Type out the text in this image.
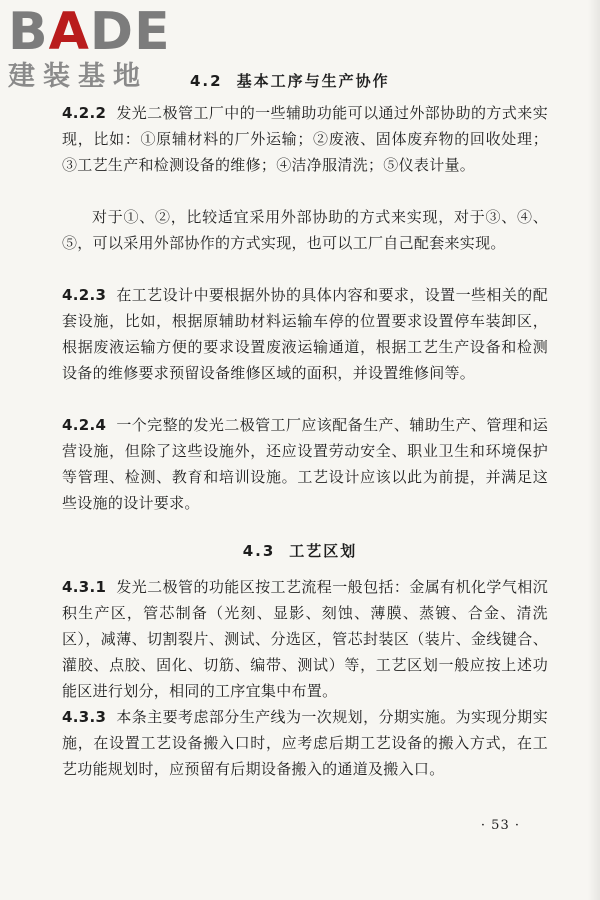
BADE
建装基地	4.2 基本工序与生产协作
4.2.2 发光二极管工厂中的一些辅助功能可以通过外部协助的方式来实现，比如：①原辅材料的厂外运输；②废液、固体废弃物的回收处理；③工艺生产和检测设备的维修；④洁净服清洗；⑤仪表计量。
对于①、②，比较适宜采用外部协助的方式来实现，对于③、④、⑤，可以采用外部协作的方式实现，也可以工厂自己配套来实现。
4.2.3 在工艺设计中要根据外协的具体内容和要求，设置一些相关的配套设施，比如，根据原辅助材料运输车停的位置要求设置停车装卸区，根据废液运输方便的要求设置废液运输通道，根据工艺生产设备和检测设备的维修要求预留设备维修区域的面积，并设置维修间等。
4.2.4 一个完整的发光二极管工厂应该配备生产、辅助生产、管理和运营设施，但除了这些设施外，还应设置劳动安全、职业卫生和环境保护等管理、检测、教育和培训设施。工艺设计应该以此为前提，并满足这些设施的设计要求。
4.3 工艺区划
4.3.1 发光二极管的功能区按工艺流程一般包括：金属有机化学气相沉积生产区，管芯制备（光刻、显影、刻蚀、薄膜、蒸镀、合金、清洗区），减薄、切割裂片、测试、分选区，管芯封装区（装片、金线键合、灌胶、点胶、固化、切筋、编带、测试）等，工艺区划一般应按上述功能区进行划分，相同的工序宜集中布置。
4.3.3 本条主要考虑部分生产线为一次规划，分期实施。为实现分期实施，在设置工艺设备搬入口时，应考虑后期工艺设备的搬入方式，在工艺功能规划时，应预留有后期设备搬入的通道及搬入口。
· 53 ·
